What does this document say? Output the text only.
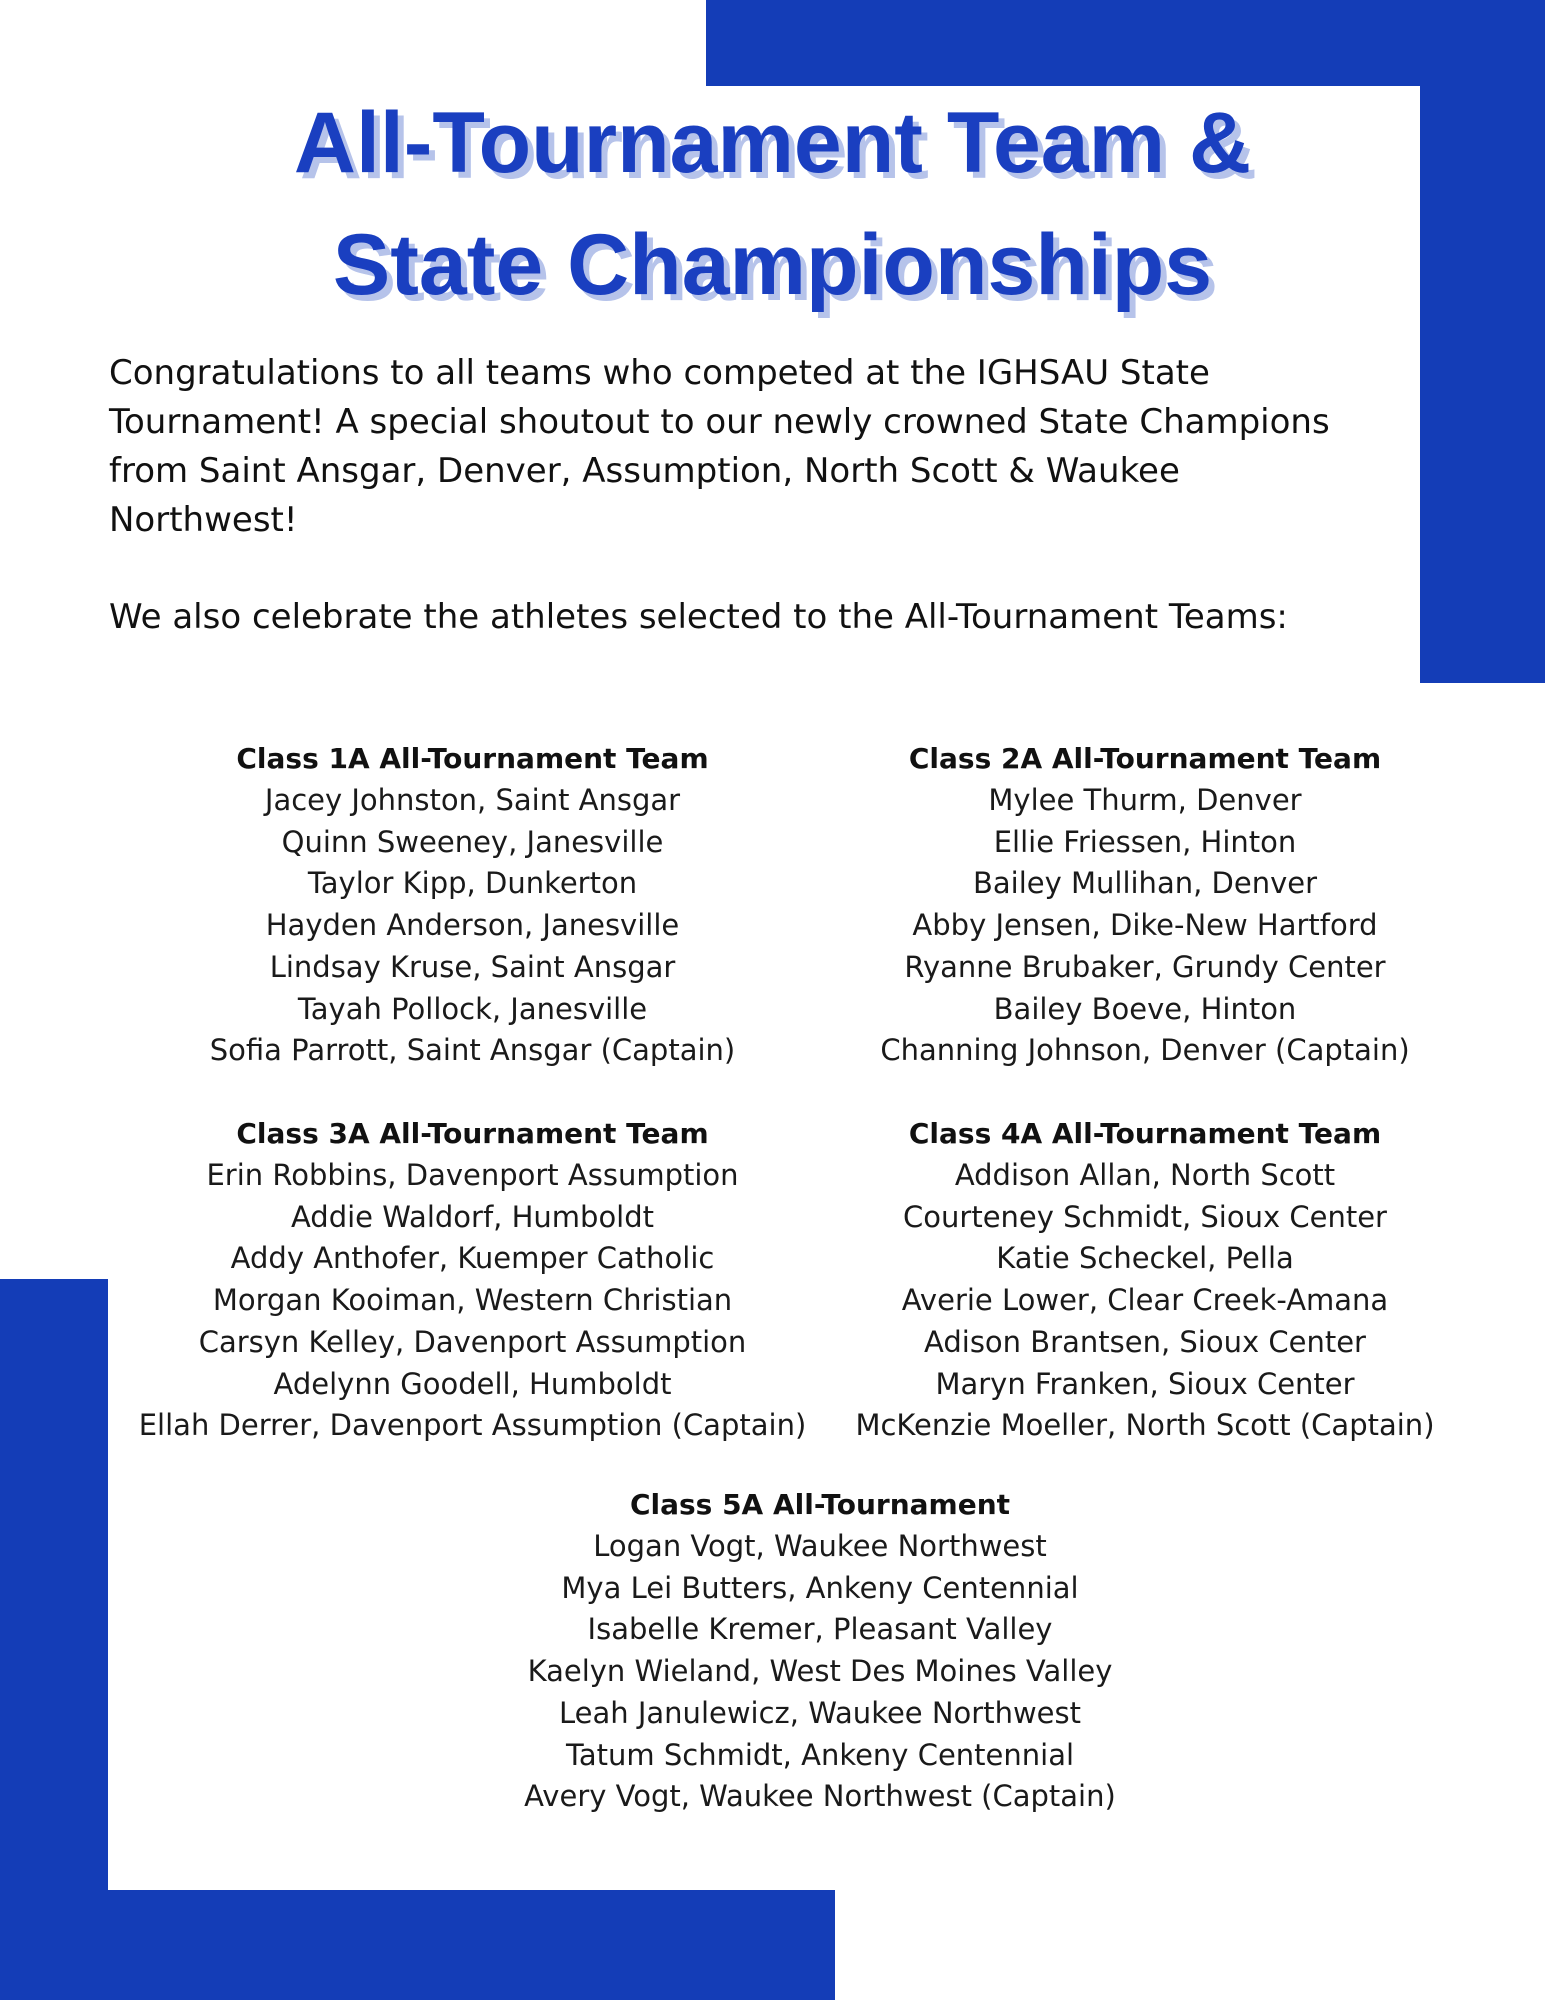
All-Tournament Team &
State Championships

Congratulations to all teams who competed at the IGHSAU State Tournament! A special shoutout to our newly crowned State Champions from Saint Ansgar, Denver, Assumption, North Scott & Waukee Northwest!

We also celebrate the athletes selected to the All-Tournament Teams:

Class 1A All-Tournament Team
Jacey Johnston, Saint Ansgar
Quinn Sweeney, Janesville
Taylor Kipp, Dunkerton
Hayden Anderson, Janesville
Lindsay Kruse, Saint Ansgar
Tayah Pollock, Janesville
Sofia Parrott, Saint Ansgar (Captain)
Class 2A All-Tournament Team
Mylee Thurm, Denver
Ellie Friessen, Hinton
Bailey Mullihan, Denver
Abby Jensen, Dike-New Hartford
Ryanne Brubaker, Grundy Center
Bailey Boeve, Hinton
Channing Johnson, Denver (Captain)
Class 3A All-Tournament Team
Erin Robbins, Davenport Assumption
Addie Waldorf, Humboldt
Addy Anthofer, Kuemper Catholic
Morgan Kooiman, Western Christian
Carsyn Kelley, Davenport Assumption
Adelynn Goodell, Humboldt
Ellah Derrer, Davenport Assumption (Captain)
Class 4A All-Tournament Team
Addison Allan, North Scott
Courteney Schmidt, Sioux Center
Katie Scheckel, Pella
Averie Lower, Clear Creek-Amana
Adison Brantsen, Sioux Center
Maryn Franken, Sioux Center
McKenzie Moeller, North Scott (Captain)
Class 5A All-Tournament
Logan Vogt, Waukee Northwest
Mya Lei Butters, Ankeny Centennial
Isabelle Kremer, Pleasant Valley
Kaelyn Wieland, West Des Moines Valley
Leah Janulewicz, Waukee Northwest
Tatum Schmidt, Ankeny Centennial
Avery Vogt, Waukee Northwest (Captain)
